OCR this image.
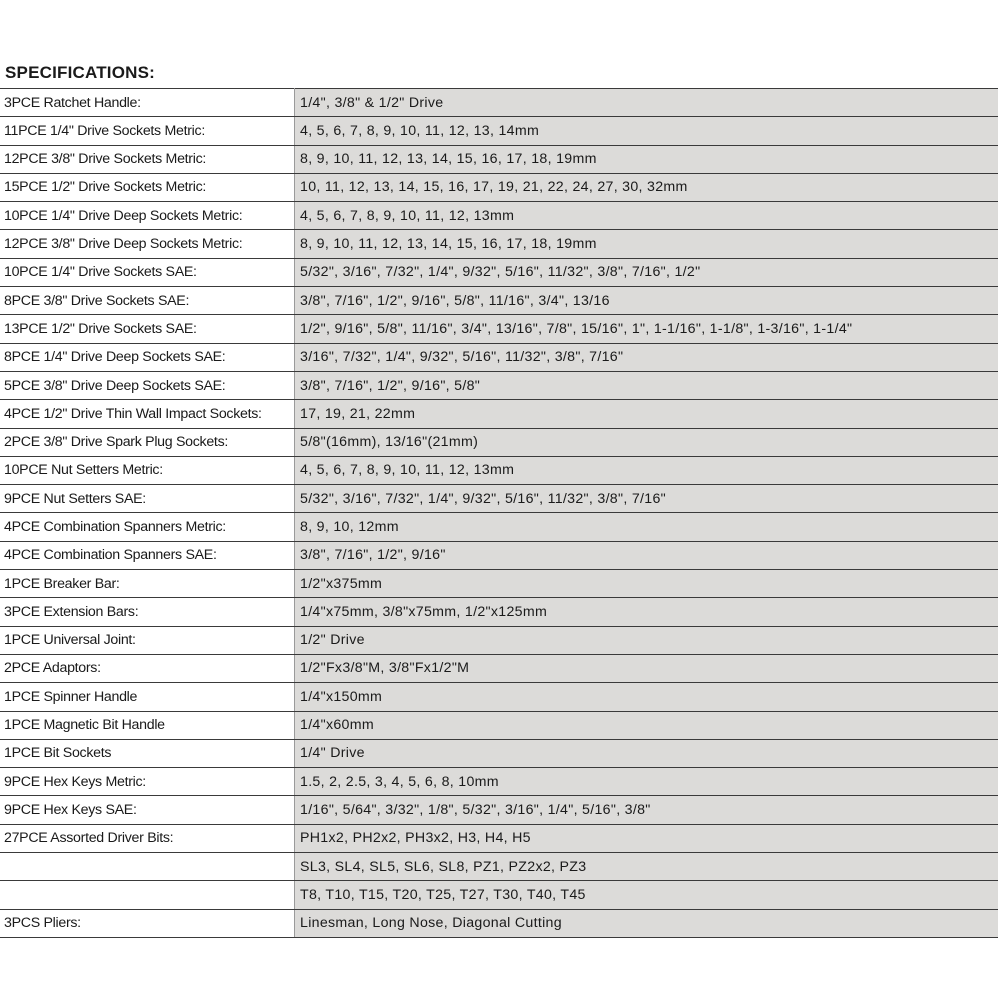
SPECIFICATIONS:
3PCE Ratchet Handle:	1/4", 3/8" & 1/2" Drive
11PCE 1/4" Drive Sockets Metric:	4, 5, 6, 7, 8, 9, 10, 11, 12, 13, 14mm
12PCE 3/8" Drive Sockets Metric:	8, 9, 10, 11, 12, 13, 14, 15, 16, 17, 18, 19mm
15PCE 1/2" Drive Sockets Metric:	10, 11, 12, 13, 14, 15, 16, 17, 19, 21, 22, 24, 27, 30, 32mm
10PCE 1/4" Drive Deep Sockets Metric:	4, 5, 6, 7, 8, 9, 10, 11, 12, 13mm
12PCE 3/8" Drive Deep Sockets Metric:	8, 9, 10, 11, 12, 13, 14, 15, 16, 17, 18, 19mm
10PCE 1/4" Drive Sockets SAE:	5/32", 3/16", 7/32", 1/4", 9/32", 5/16", 11/32", 3/8", 7/16", 1/2"
8PCE 3/8" Drive Sockets SAE:	3/8", 7/16", 1/2", 9/16", 5/8", 11/16", 3/4", 13/16
13PCE 1/2" Drive Sockets SAE:	1/2", 9/16", 5/8", 11/16", 3/4", 13/16", 7/8", 15/16", 1", 1-1/16", 1-1/8", 1-3/16", 1-1/4"
8PCE 1/4" Drive Deep Sockets SAE:	3/16", 7/32", 1/4", 9/32", 5/16", 11/32", 3/8", 7/16"
5PCE 3/8" Drive Deep Sockets SAE:	3/8", 7/16", 1/2", 9/16", 5/8"
4PCE 1/2" Drive Thin Wall Impact Sockets:	17, 19, 21, 22mm
2PCE 3/8" Drive Spark Plug Sockets:	5/8"(16mm), 13/16"(21mm)
10PCE Nut Setters Metric:	4, 5, 6, 7, 8, 9, 10, 11, 12, 13mm
9PCE Nut Setters SAE:	5/32", 3/16", 7/32", 1/4", 9/32", 5/16", 11/32", 3/8", 7/16"
4PCE Combination Spanners Metric:	8, 9, 10, 12mm
4PCE Combination Spanners SAE:	3/8", 7/16", 1/2", 9/16"
1PCE Breaker Bar:	1/2"x375mm
3PCE Extension Bars:	1/4"x75mm, 3/8"x75mm, 1/2"x125mm
1PCE Universal Joint:	1/2" Drive
2PCE Adaptors:	1/2"Fx3/8"M, 3/8"Fx1/2"M
1PCE Spinner Handle	1/4"x150mm
1PCE Magnetic Bit Handle	1/4"x60mm
1PCE Bit Sockets	1/4" Drive
9PCE Hex Keys Metric:	1.5, 2, 2.5, 3, 4, 5, 6, 8, 10mm
9PCE Hex Keys SAE:	1/16", 5/64", 3/32", 1/8", 5/32", 3/16", 1/4", 5/16", 3/8"
27PCE Assorted Driver Bits:	PH1x2, PH2x2, PH3x2, H3, H4, H5
	SL3, SL4, SL5, SL6, SL8, PZ1, PZ2x2, PZ3
	T8, T10, T15, T20, T25, T27, T30, T40, T45
3PCS Pliers:	Linesman, Long Nose, Diagonal Cutting
